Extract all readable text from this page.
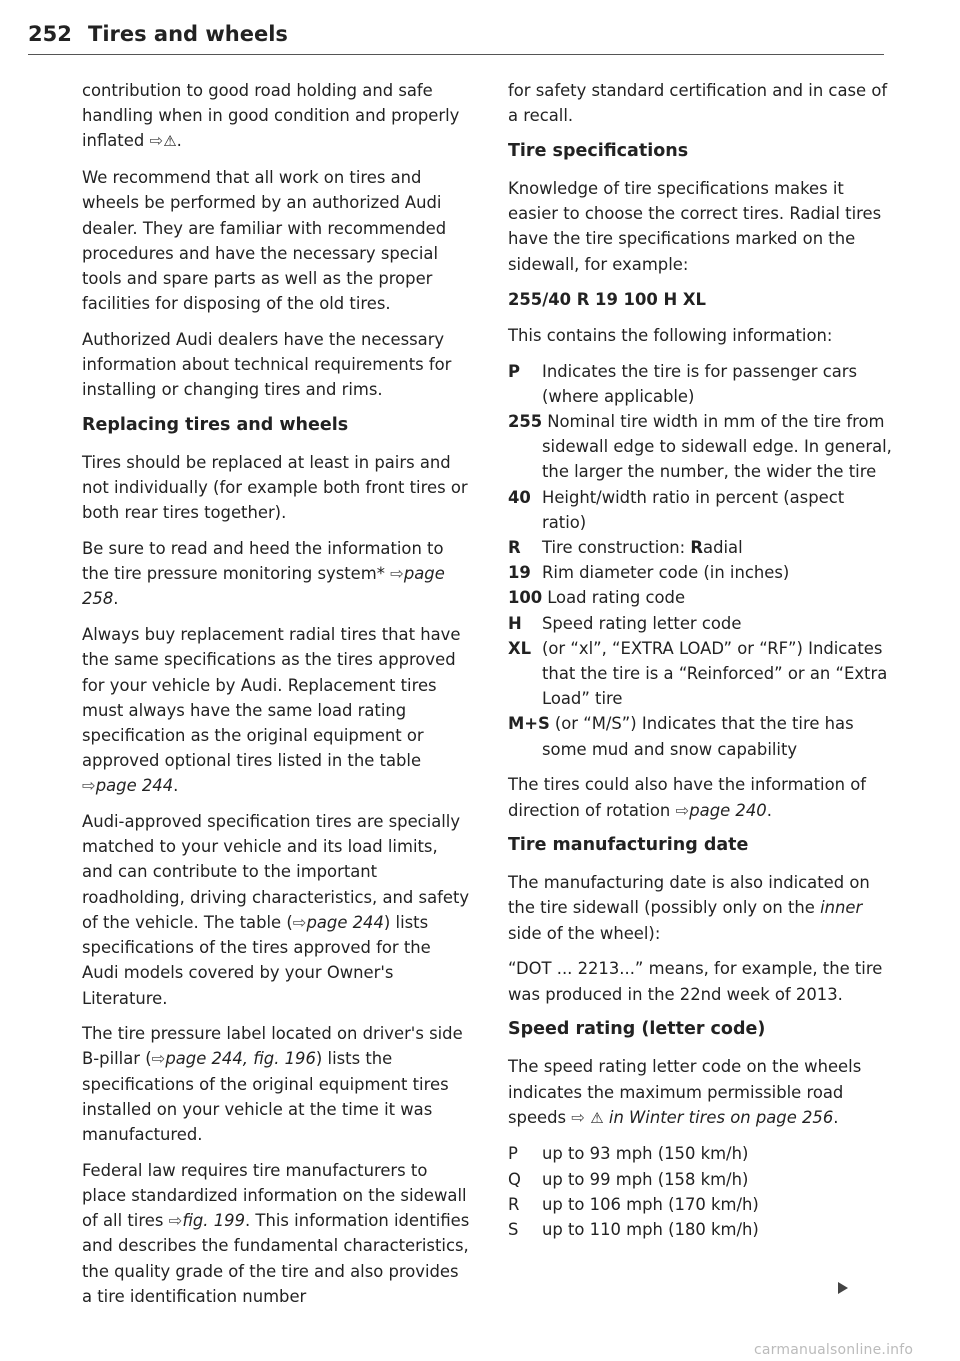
252 Tires and wheels

contribution to good road holding and safe handling when in good condition and properly inflated ⇨⚠.

We recommend that all work on tires and wheels be performed by an authorized Audi dealer. They are familiar with recommended procedures and have the necessary special tools and spare parts as well as the proper facilities for disposing of the old tires.

Authorized Audi dealers have the necessary information about technical requirements for installing or changing tires and rims.

Replacing tires and wheels

Tires should be replaced at least in pairs and not individually (for example both front tires or both rear tires together).

Be sure to read and heed the information to the tire pressure monitoring system* ⇨page 258.

Always buy replacement radial tires that have the same specifications as the tires approved for your vehicle by Audi. Replacement tires must always have the same load rating specification as the original equipment or approved optional tires listed in the table ⇨page 244.

Audi-approved specification tires are specially matched to your vehicle and its load limits, and can contribute to the important roadholding, driving characteristics, and safety of the vehicle. The table (⇨page 244) lists specifications of the tires approved for the Audi models covered by your Owner's Literature.

The tire pressure label located on driver's side B-pillar (⇨page 244, fig. 196) lists the specifications of the original equipment tires installed on your vehicle at the time it was manufactured.

Federal law requires tire manufacturers to place standardized information on the sidewall of all tires ⇨fig. 199. This information identifies and describes the fundamental characteristics, the quality grade of the tire and also provides a tire identification number

for safety standard certification and in case of a recall.

Tire specifications

Knowledge of tire specifications makes it easier to choose the correct tires. Radial tires have the tire specifications marked on the sidewall, for example:

255/40 R 19 100 H XL

This contains the following information:

P Indicates the tire is for passenger cars (where applicable)
255 Nominal tire width in mm of the tire from sidewall edge to sidewall edge. In general, the larger the number, the wider the tire
40 Height/width ratio in percent (aspect ratio)
R Tire construction: Radial
19 Rim diameter code (in inches)
100 Load rating code
H Speed rating letter code
XL (or “xl”, “EXTRA LOAD” or “RF”) Indicates that the tire is a “Reinforced” or an “Extra Load” tire
M+S (or “M/S”) Indicates that the tire has some mud and snow capability

The tires could also have the information of direction of rotation ⇨page 240.

Tire manufacturing date

The manufacturing date is also indicated on the tire sidewall (possibly only on the inner side of the wheel):

“DOT ... 2213...” means, for example, the tire was produced in the 22nd week of 2013.

Speed rating (letter code)

The speed rating letter code on the wheels indicates the maximum permissible road speeds ⇨ ⚠ in Winter tires on page 256.

P up to 93 mph (150 km/h)
Q up to 99 mph (158 km/h)
R up to 106 mph (170 km/h)
S up to 110 mph (180 km/h)
carmanualsonline.info
